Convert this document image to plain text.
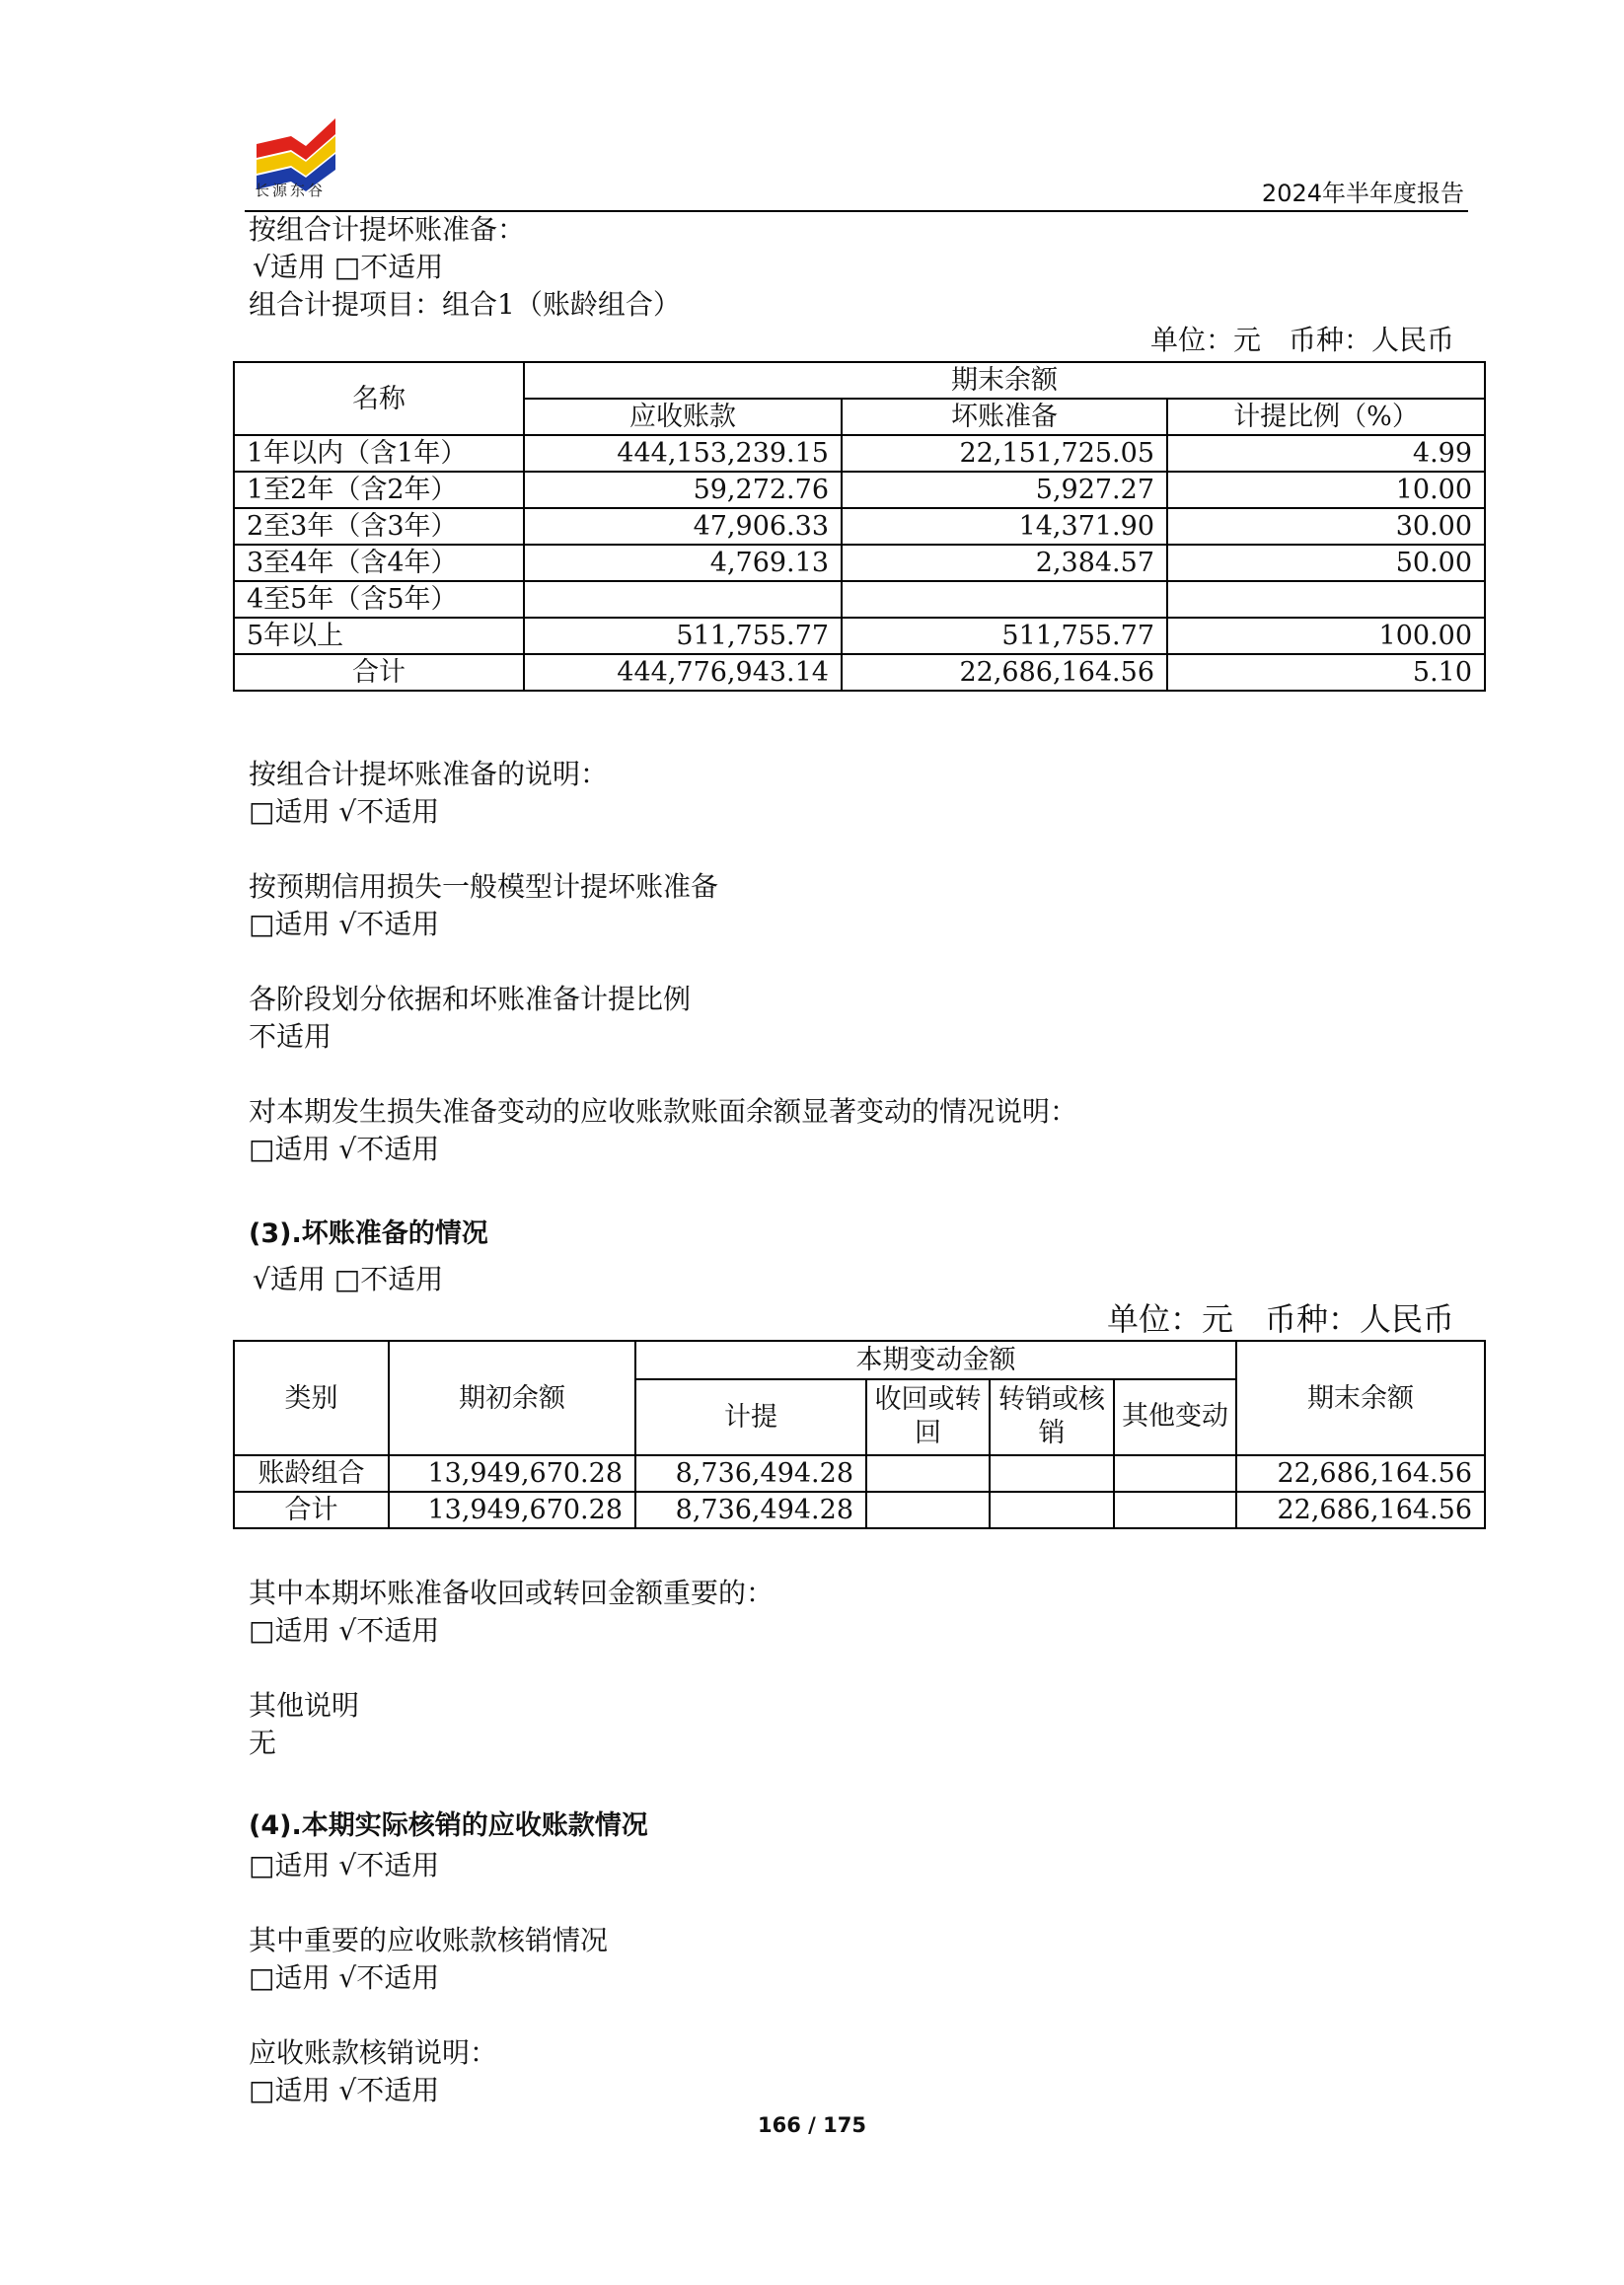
长源东谷	2024年半年度报告
按组合计提坏账准备：
√适用 □不适用
组合计提项目：组合1（账龄组合）
单位：元　币种：人民币
名称	期末余额		
	应收账款	坏账准备	计提比例（%）
1年以内（含1年）	444,153,239.15	22,151,725.05	4.99
1至2年（含2年）	59,272.76	5,927.27	10.00
2至3年（含3年）	47,906.33	14,371.90	30.00
3至4年（含4年）	4,769.13	2,384.57	50.00
4至5年（含5年）			
5年以上	511,755.77	511,755.77	100.00
合计	444,776,943.14	22,686,164.56	5.10
按组合计提坏账准备的说明：
□适用 √不适用
按预期信用损失一般模型计提坏账准备
□适用 √不适用
各阶段划分依据和坏账准备计提比例
不适用
对本期发生损失准备变动的应收账款账面余额显著变动的情况说明：
□适用 √不适用
(3).坏账准备的情况
√适用 □不适用
单位：元　币种：人民币
类别	期初余额	本期变动金额				期末余额
		计提	收回或转回	转销或核销	其他变动	
账龄组合	13,949,670.28	8,736,494.28				22,686,164.56
合计	13,949,670.28	8,736,494.28				22,686,164.56
其中本期坏账准备收回或转回金额重要的：
□适用 √不适用
其他说明
无
(4).本期实际核销的应收账款情况
□适用 √不适用
其中重要的应收账款核销情况
□适用 √不适用
应收账款核销说明：
□适用 √不适用
166 / 175
